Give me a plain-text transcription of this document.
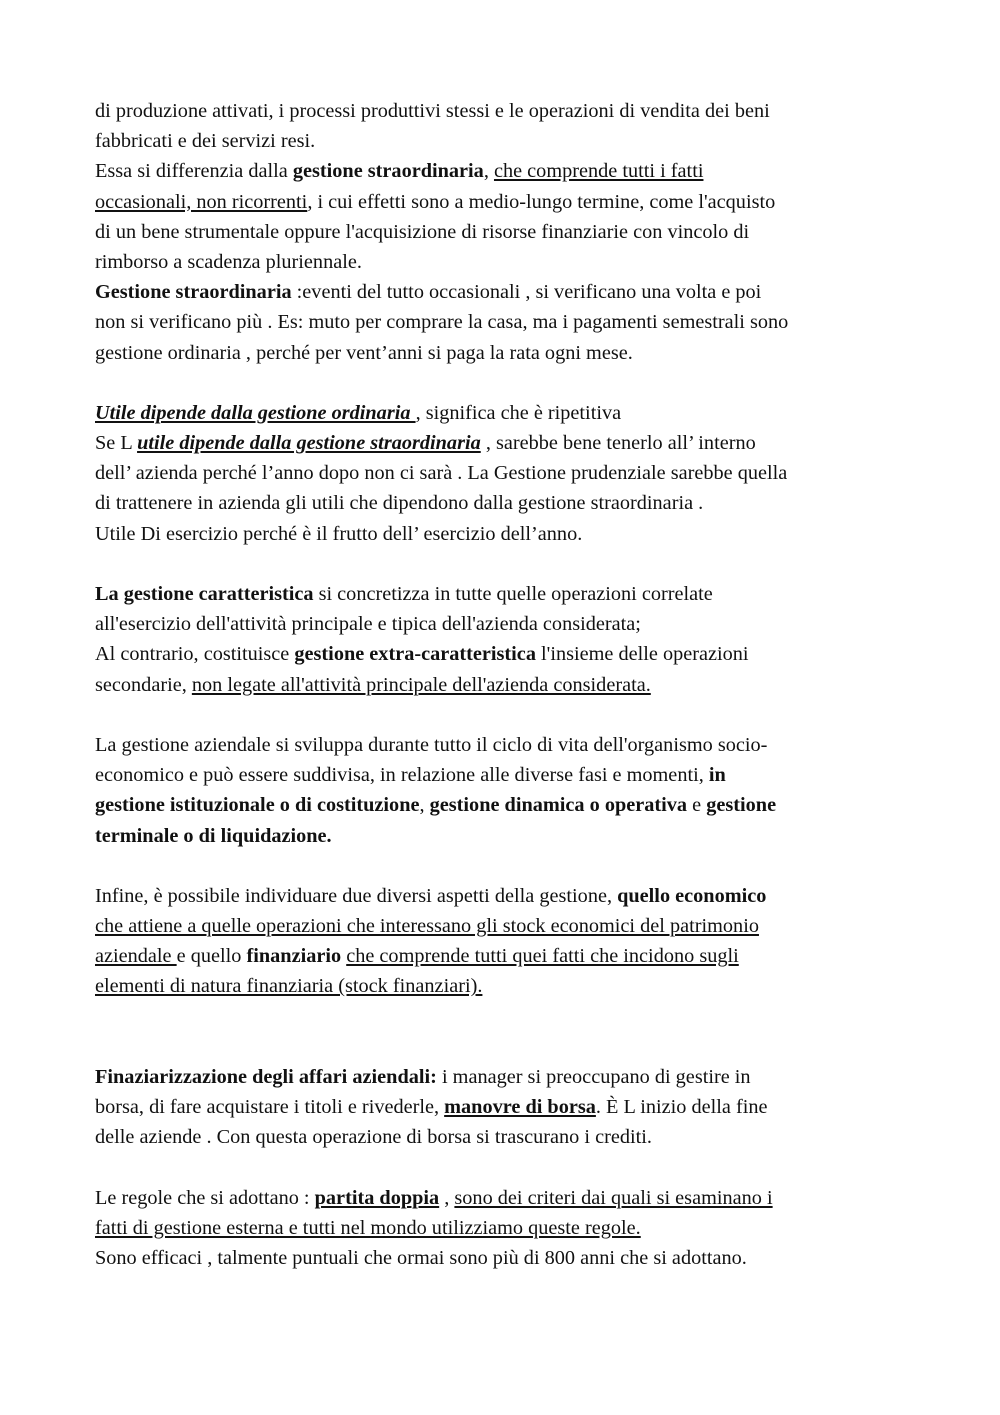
di produzione attivati, i processi produttivi stessi e le operazioni di vendita dei beni
fabbricati e dei servizi resi.
Essa si differenzia dalla gestione straordinaria, che comprende tutti i fatti
occasionali, non ricorrenti, i cui effetti sono a medio-lungo termine, come l'acquisto
di un bene strumentale oppure l'acquisizione di risorse finanziarie con vincolo di
rimborso a scadenza pluriennale.
Gestione straordinaria :eventi del tutto occasionali , si verificano una volta e poi
non si verificano più . Es: muto per comprare la casa, ma i pagamenti semestrali sono
gestione ordinaria , perché per vent’anni si paga la rata ogni mese.
Utile dipende dalla gestione ordinaria , significa che è ripetitiva
Se L utile dipende dalla gestione straordinaria , sarebbe bene tenerlo all’ interno
dell’ azienda perché l’anno dopo non ci sarà . La Gestione prudenziale sarebbe quella
di trattenere in azienda gli utili che dipendono dalla gestione straordinaria .
Utile Di esercizio perché è il frutto dell’ esercizio dell’anno.
La gestione caratteristica si concretizza in tutte quelle operazioni correlate
all'esercizio dell'attività principale e tipica dell'azienda considerata;
Al contrario, costituisce gestione extra-caratteristica l'insieme delle operazioni
secondarie, non legate all'attività principale dell'azienda considerata.
La gestione aziendale si sviluppa durante tutto il ciclo di vita dell'organismo socio-
economico e può essere suddivisa, in relazione alle diverse fasi e momenti, in
gestione istituzionale o di costituzione, gestione dinamica o operativa e gestione
terminale o di liquidazione.
Infine, è possibile individuare due diversi aspetti della gestione, quello economico
che attiene a quelle operazioni che interessano gli stock economici del patrimonio
aziendale e quello finanziario che comprende tutti quei fatti che incidono sugli
elementi di natura finanziaria (stock finanziari).
Finaziarizzazione degli affari aziendali: i manager si preoccupano di gestire in
borsa, di fare acquistare i titoli e rivederle, manovre di borsa. È L inizio della fine
delle aziende . Con questa operazione di borsa si trascurano i crediti.
Le regole che si adottano : partita doppia , sono dei criteri dai quali si esaminano i
fatti di gestione esterna e tutti nel mondo utilizziamo queste regole.
Sono efficaci , talmente puntuali che ormai sono più di 800 anni che si adottano.
